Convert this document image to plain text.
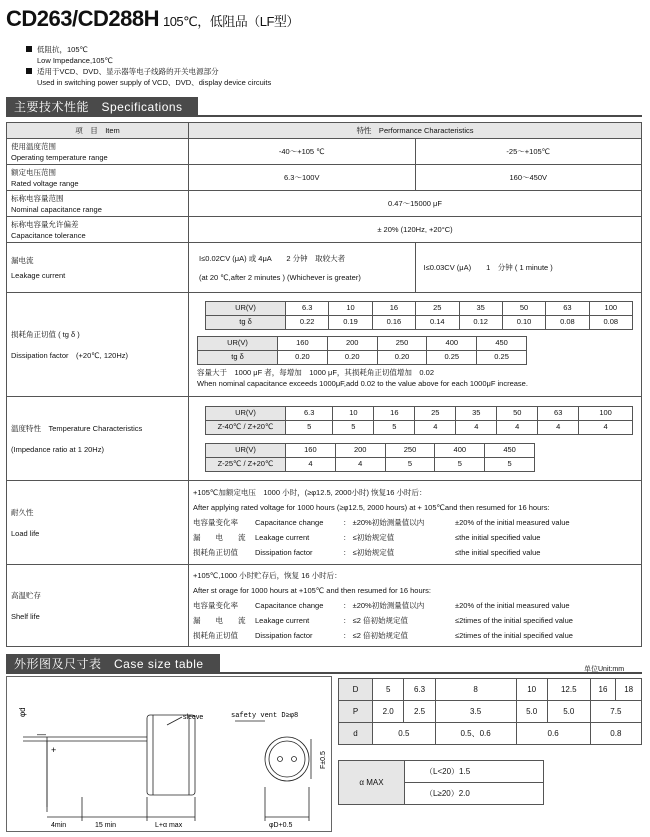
CD263/CD288H 105℃，低阻品（LF型）
低阻抗，105℃
Low Impedance,105℃
适用于VCD、DVD、显示器等电子线路的开关电源部分
Used in switching power supply of VCD、DVD、display device circuits
主要技术性能　Specifications
项　目　Item	特性　Performance Characteristics

使用温度范围
Operating temperature range
	-40～+105 ℃	-25～+105℃

额定电压范围
Rated voltage range
	6.3～100V	160～450V

标称电容量范围
Nominal capacitance range
	0.47～15000 μF

标称电容量允许偏差
Capacitance tolerance
	± 20% (120Hz, +20°C)

漏电流
Leakage current

I≤0.02CV (μA) 或 4μA　　2 分钟　取较大者
(at 20 ℃,after 2 minutes ) (Whichever is greater)
	I≤0.03CV (μA)　　1　分钟 ( 1 minute )

损耗角正切值 ( tg δ )
Dissipation factor　(+20℃, 120Hz)

UR(V)	6.3	10	16	25	35	50	63	100
tg δ	0.22	0.19	0.16	0.14	0.12	0.10	0.08	0.08
UR(V)	160	200	250	400	450
tg δ	0.20	0.20	0.20	0.25	0.25
容量大于　1000 μF 者，每增加　1000 μF，其损耗角正切值增加　0.02
When nominal capacitance exceeds 1000μF,add 0.02 to the value above for each 1000μF increase.

温度特性　Temperature Characteristics
(Impedance ratio at 1 20Hz)

UR(V)	6.3	10	16	25	35	50	63	100
Z-40℃ / Z+20℃	5	5	5	4	4	4	4	4
UR(V)	160	200	250	400	450
Z-25℃ / Z+20℃	4	4	5	5	5

耐久性
Load life

+105℃加额定电压　1000 小时，(≥φ12.5, 2000小时) 恢复16 小时后：
After applying rated voltage for 1000 hours (≥φ12.5, 2000 hours) at + 105℃and then resumed for 16 hours:
电容量变化率	Capacitance change	： ±20%初始测量值以内	±20% of the initial measured value
漏　　电　　流	Leakage current	： ≤初始规定值	≤the initial specified value
损耗角正切值	Dissipation factor	： ≤初始规定值	≤the initial specified value

高温贮存
Shelf life

+105℃,1000 小时贮存后，恢复 16 小时后：
After st orage for 1000 hours at +105℃ and then resumed for 16 hours:
电容量变化率	Capacitance change	： ±20%初始测量值以内	±20% of the initial measured value
漏　　电　　流	Leakage current	： ≤2 倍初始规定值	≤2times of the initial specified value
损耗角正切值	Dissipation factor	： ≤2 倍初始规定值	≤2times of the initial specified value
外形图及尺寸表　Case size table	单位Unit:mm
φd
—
+
sleeve	safety vent D≥φ8
F±0.5
4min	15 min	L+α max	φD+0.5
D	5	6.3	8	10	12.5	16	18
P	2.0	2.5	3.5	5.0	5.0	7.5	
d	0.5		0.5、0.6	0.6		0.8	
α MAX	（L<20）1.5
（L≥20）2.0
